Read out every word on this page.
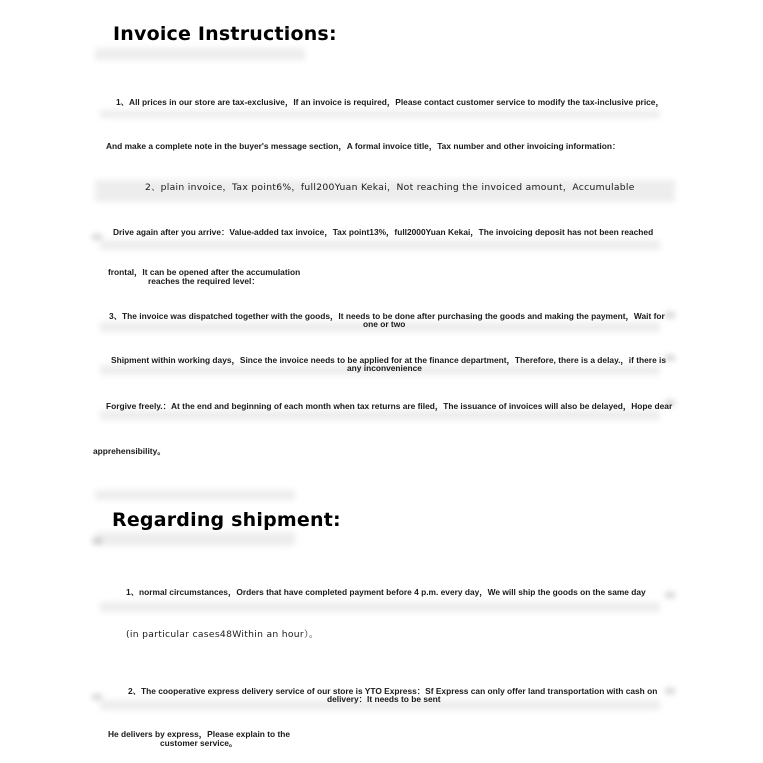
Invoice Instructions:
1、All prices in our store are tax-exclusive，If an invoice is required，Please contact customer service to modify the tax-inclusive price，
And make a complete note in the buyer's message section，A formal invoice title，Tax number and other invoicing information：
2、plain invoice，Tax point6%，full200Yuan Kekai，Not reaching the invoiced amount，Accumulable
Drive again after you arrive：Value-added tax invoice，Tax point13%，full2000Yuan Kekai，The invoicing deposit has not been reached
frontal，It can be opened after the accumulation
reaches the required level：
3、The invoice was dispatched together with the goods，It needs to be done after purchasing the goods and making the payment，Wait for
one or two
Shipment within working days，Since the invoice needs to be applied for at the finance department，Therefore, there is a delay.，if there is
any inconvenience
Forgive freely.：At the end and beginning of each month when tax returns are filed，The issuance of invoices will also be delayed，Hope dear
apprehensibility。
Regarding shipment:
1、normal circumstances，Orders that have completed payment before 4 p.m. every day，We will ship the goods on the same day
(in particular cases48Within an hour）。
2、The cooperative express delivery service of our store is YTO Express：Sf Express can only offer land transportation with cash on
delivery：It needs to be sent
He delivers by express，Please explain to the
customer service。
